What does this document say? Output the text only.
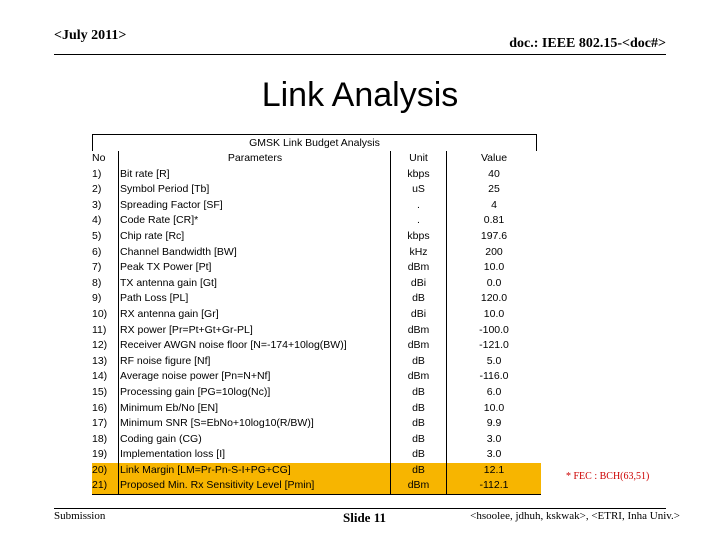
<July 2011>
doc.: IEEE 802.15-<doc#>
Link Analysis
GMSK Link Budget Analysis
No	Parameters	Unit	Value
1)	Bit rate [R]	kbps	40
2)	Symbol Period [Tb]	uS	25
3)	Spreading Factor [SF]	.	4
4)	Code Rate [CR]*	.	0.81
5)	Chip rate [Rc]	kbps	197.6
6)	Channel Bandwidth [BW]	kHz	200
7)	Peak TX Power [Pt]	dBm	10.0
8)	TX antenna gain [Gt]	dBi	0.0
9)	Path Loss [PL]	dB	120.0
10)	RX antenna gain [Gr]	dBi	10.0
11)	RX power [Pr=Pt+Gt+Gr-PL]	dBm	-100.0
12)	Receiver AWGN noise floor [N=-174+10log(BW)]	dBm	-121.0
13)	RF noise figure [Nf]	dB	5.0
14)	Average noise power [Pn=N+Nf]	dBm	-116.0
15)	Processing gain [PG=10log(Nc)]	dB	6.0
16)	Minimum Eb/No [EN]	dB	10.0
17)	Minimum SNR [S=EbNo+10log10(R/BW)]	dB	9.9
18)	Coding gain (CG)	dB	3.0
19)	Implementation loss [I]	dB	3.0
20)	Link Margin [LM=Pr-Pn-S-I+PG+CG]	dB	12.1
21)	Proposed Min. Rx Sensitivity Level [Pmin]	dBm	-112.1
* FEC : BCH(63,51)
Submission	Slide 11	<hsoolee, jdhuh, kskwak>, <ETRI, Inha Univ.>
